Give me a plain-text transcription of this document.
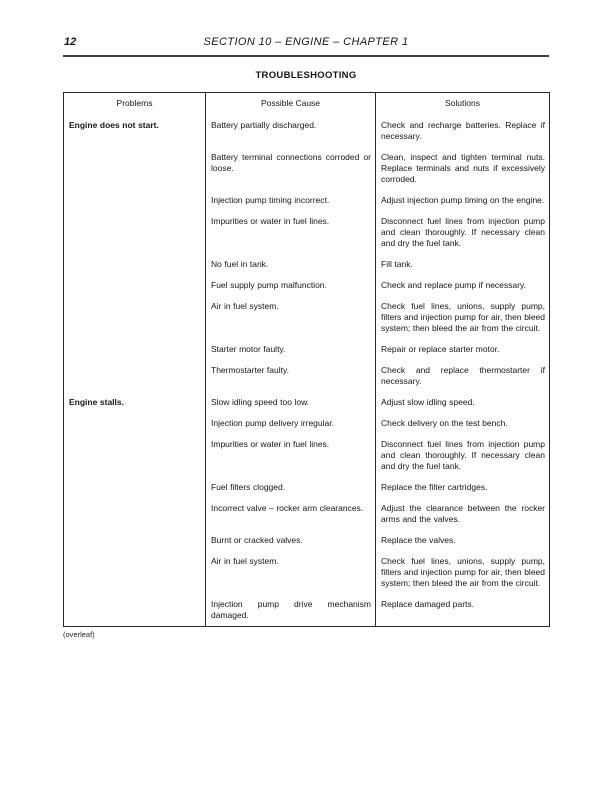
12	SECTION 10 – ENGINE – CHAPTER 1
TROUBLESHOOTING
Problems	Possible Cause	Solutions
Engine does not start.	Battery partially discharged.	Check and recharge batteries. Replace if necessary.
	Battery terminal connections corroded or loose.	Clean, inspect and tighten terminal nuts. Replace terminals and nuts if excessively corroded.
	Injection pump timing incorrect.	Adjust injection pump timing on the engine.
	Impurities or water in fuel lines.	Disconnect fuel lines from injection pump and clean thoroughly. If necessary clean and dry the fuel tank.
	No fuel in tank.	Fill tank.
	Fuel supply pump malfunction.	Check and replace pump if necessary.
	Air in fuel system.	Check fuel lines, unions, supply pump, filters and injection pump for air, then bleed system; then bleed the air from the circuit.
	Starter motor faulty.	Repair or replace starter motor.
	Thermostarter faulty.	Check and replace thermostarter if necessary.
Engine stalls.	Slow idling speed too low.	Adjust slow idling speed.
	Injection pump delivery irregular.	Check delivery on the test bench.
	Impurities or water in fuel lines.	Disconnect fuel lines from injection pump and clean thoroughly. If necessary clean and dry the fuel tank.
	Fuel filters clogged.	Replace the filter cartridges.
	Incorrect valve – rocker arm clearances.	Adjust the clearance between the rocker arms and the valves.
	Burnt or cracked valves.	Replace the valves.
	Air in fuel system.	Check fuel lines, unions, supply pump, filters and injection pump for air, then bleed system; then bleed the air from the circuit.
	Injection pump drive mechanism damaged.	Replace damaged parts.
(overleaf)
